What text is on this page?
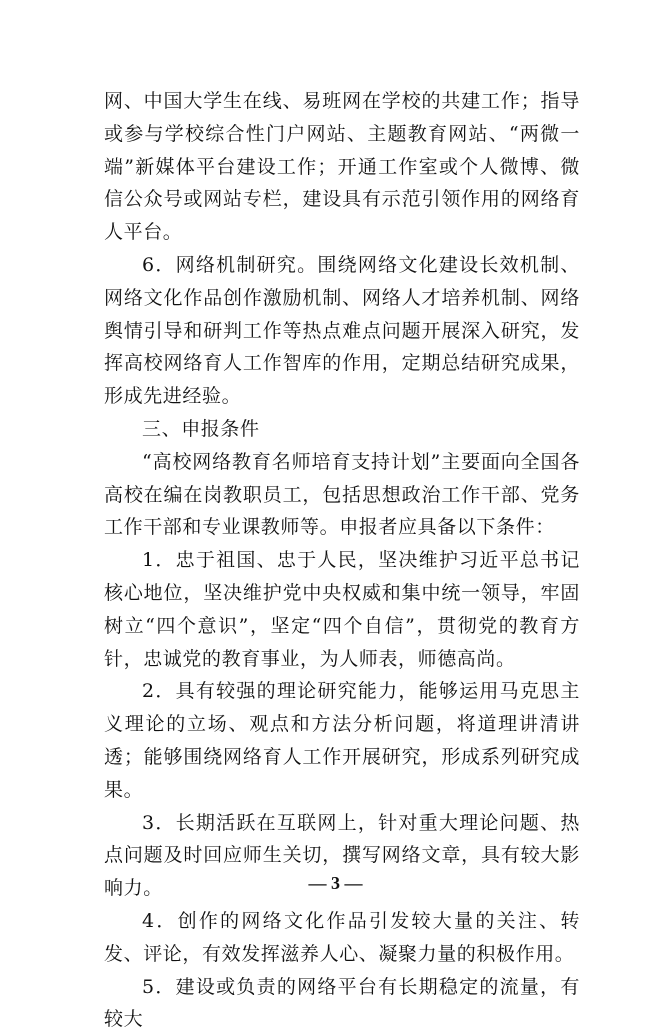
网、中国大学生在线、易班网在学校的共建工作；指导或参与学校综合性门户网站、主题教育网站、“两微一端”新媒体平台建设工作；开通工作室或个人微博、微信公众号或网站专栏，建设具有示范引领作用的网络育人平台。

6．网络机制研究。围绕网络文化建设长效机制、网络文化作品创作激励机制、网络人才培养机制、网络舆情引导和研判工作等热点难点问题开展深入研究，发挥高校网络育人工作智库的作用，定期总结研究成果，形成先进经验。

三、申报条件

“高校网络教育名师培育支持计划”主要面向全国各高校在编在岗教职员工，包括思想政治工作干部、党务工作干部和专业课教师等。申报者应具备以下条件：

1．忠于祖国、忠于人民，坚决维护习近平总书记核心地位，坚决维护党中央权威和集中统一领导，牢固树立“四个意识”，坚定“四个自信”，贯彻党的教育方针，忠诚党的教育事业，为人师表，师德高尚。

2．具有较强的理论研究能力，能够运用马克思主义理论的立场、观点和方法分析问题，将道理讲清讲透；能够围绕网络育人工作开展研究，形成系列研究成果。

3．长期活跃在互联网上，针对重大理论问题、热点问题及时回应师生关切，撰写网络文章，具有较大影响力。

4．创作的网络文化作品引发较大量的关注、转发、评论，有效发挥滋养人心、凝聚力量的积极作用。

5．建设或负责的网络平台有长期稳定的流量，有较大

— 3 —
